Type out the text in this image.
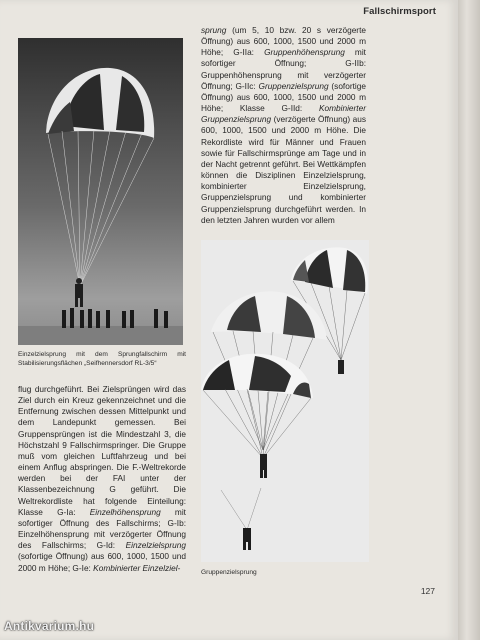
Fallschirmsport
Einzelzielsprung mit dem Sprungfallschirm mit Stabilisierungsflächen „Seifhennersdorf RL-3/5“

sprung (um 5, 10 bzw. 20 s verzögerte Öffnung) aus 600, 1000, 1500 und 2000 m Höhe; G-IIa: Gruppenhöhensprung mit sofortiger Öffnung; G-IIb: Gruppenhöhensprung mit verzögerter Öffnung; G-IIc: Gruppenzielsprung (sofortige Öffnung) aus 600, 1000, 1500 und 2000 m Höhe; Klasse G-IId: Kombinierter Gruppenzielsprung (verzögerte Öffnung) aus 600, 1000, 1500 und 2000 m Höhe. Die Rekordliste wird für Männer und Frauen sowie für Fallschirmsprünge am Tage und in der Nacht getrennt geführt. Bei Wettkämpfen können die Disziplinen Einzelzielsprung, kombinierter Einzelzielsprung, Gruppenzielsprung und kombinierter Gruppenzielsprung durchgeführt werden. In den letzten Jahren wurden vor allem

Gruppenzielsprung

flug durchgeführt. Bei Zielsprüngen wird das Ziel durch ein Kreuz gekennzeichnet und die Entfernung zwischen dessen Mittelpunkt und dem Landepunkt gemessen. Bei Gruppensprüngen ist die Mindestzahl 3, die Höchstzahl 9 Fallschirmspringer. Die Gruppe muß vom gleichen Luftfahrzeug und bei einem Anflug abspringen. Die F.-Weltrekorde werden bei der FAI unter der Klassenbezeichnung G geführt. Die Weltrekordliste hat folgende Einteilung: Klasse G-Ia: Einzelhöhensprung mit sofortiger Öffnung des Fallschirms; G-Ib: Einzelhöhensprung mit verzögerter Öffnung des Fallschirms; G-Id: Einzelzielsprung (sofortige Öffnung) aus 600, 1000, 1500 und 2000 m Höhe; G-Ie: Kombinierter Einzelziel-

127
Antikvarium.hu
